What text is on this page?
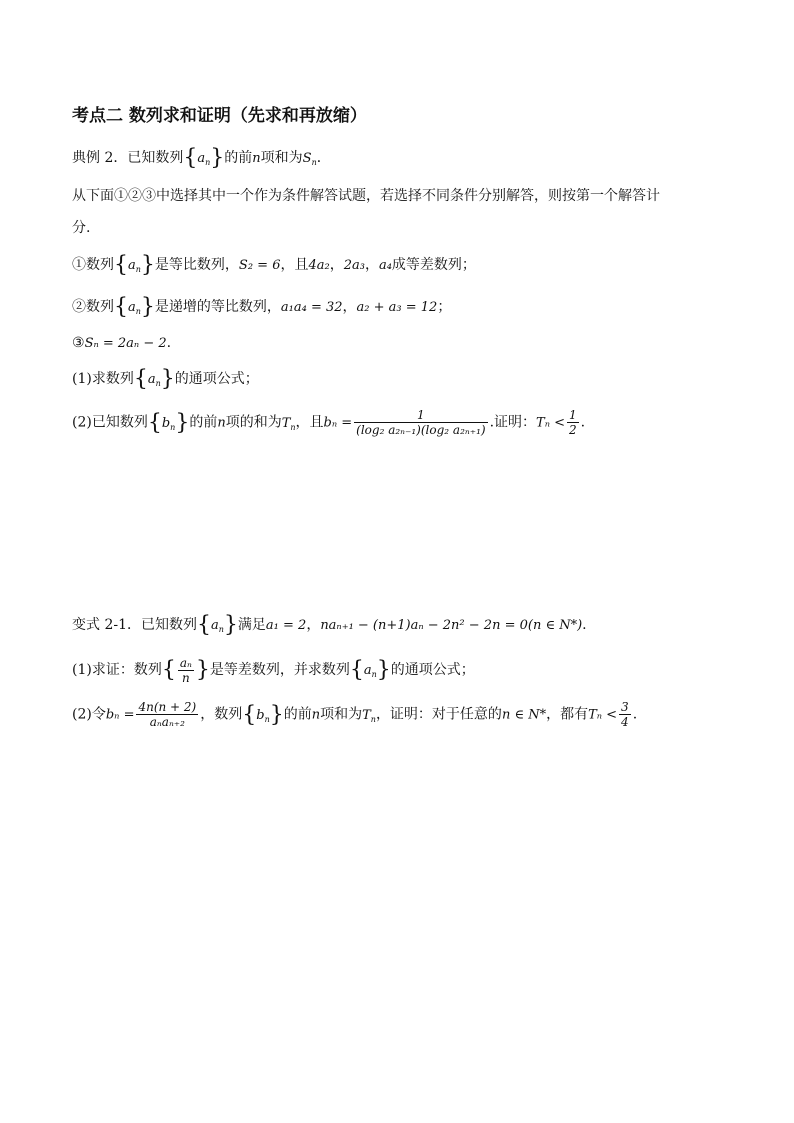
考点二 数列求和证明（先求和再放缩）
典例 2．已知数列$\{a_n\}$的前n项和为$S_n$．
从下面①②③中选择其中一个作为条件解答试题，若选择不同条件分别解答，则按第一个解答计
分.
①数列$\{a_n\}$是等比数列，S₂ = 6，且4a₂，2a₃，a₄成等差数列；
②数列$\{a_n\}$是递增的等比数列，a₁a₄ = 32，a₂ + a₃ = 12；
③Sₙ = 2aₙ − 2.
(1)求数列$\{a_n\}$的通项公式；
(2)已知数列$\{b_n\}$的前n项的和为$T_n$，且$b_n = \frac{1}{\text{(log₂ a₂ₙ₋₁)(log₂ a₂ₙ₊₁)}}$ .证明：$T_n < \frac{1}{2}$ .
变式 2-1．已知数列$\{a_n\}$满足a₁ = 2，naₙ₊₁ − (n+1)aₙ − 2n² − 2n = 0(n ∈ N*).
(1)求证：数列{ $\frac{\text{aₙ}}{n}$ }是等差数列，并求数列$\{a_n\}$的通项公式；
(2)令$b_n = \frac{4n(n + 2)}{\text{aₙaₙ₊₂}}$ ，数列$\{b_n\}$的前n项和为$T_n$，证明：对于任意的n ∈ N*，都有$T_n < \frac{3}{4}$ .
